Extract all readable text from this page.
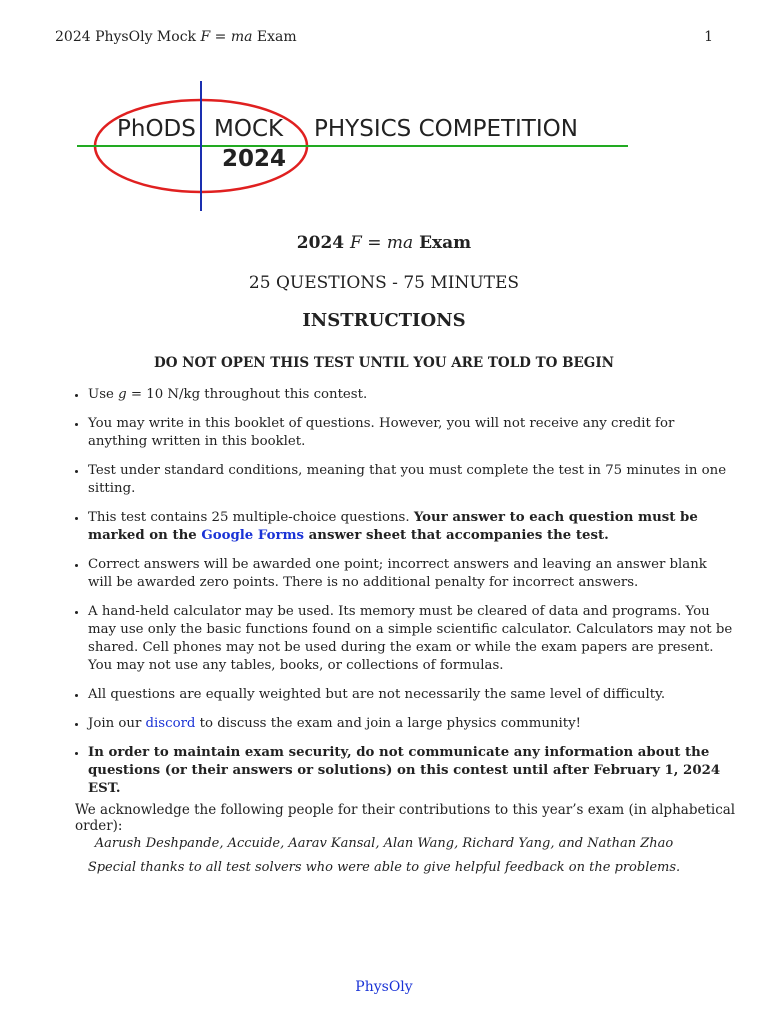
2024 PhysOly Mock F = ma Exam	1
PhODS MOCK
2024
PHYSICS COMPETITION
2024 F = ma Exam
25 QUESTIONS - 75 MINUTES
INSTRUCTIONS
DO NOT OPEN THIS TEST UNTIL YOU ARE TOLD TO BEGIN
• Use g = 10 N/kg throughout this contest.
• You may write in this booklet of questions. However, you will not receive any credit for anything written in this booklet.
• Test under standard conditions, meaning that you must complete the test in 75 minutes in one sitting.
• This test contains 25 multiple-choice questions. Your answer to each question must be marked on the Google Forms answer sheet that accompanies the test.
• Correct answers will be awarded one point; incorrect answers and leaving an answer blank will be awarded zero points. There is no additional penalty for incorrect answers.
• A hand-held calculator may be used. Its memory must be cleared of data and programs. You may use only the basic functions found on a simple scientific calculator. Calculators may not be shared. Cell phones may not be used during the exam or while the exam papers are present. You may not use any tables, books, or collections of formulas.
• All questions are equally weighted but are not necessarily the same level of difficulty.
• Join our discord to discuss the exam and join a large physics community!
• In order to maintain exam security, do not communicate any information about the questions (or their answers or solutions) on this contest until after February 1, 2024 EST.
We acknowledge the following people for their contributions to this year’s exam (in alphabetical order):
Aarush Deshpande, Accuide, Aarav Kansal, Alan Wang, Richard Yang, and Nathan Zhao
Special thanks to all test solvers who were able to give helpful feedback on the problems.
PhysOly
